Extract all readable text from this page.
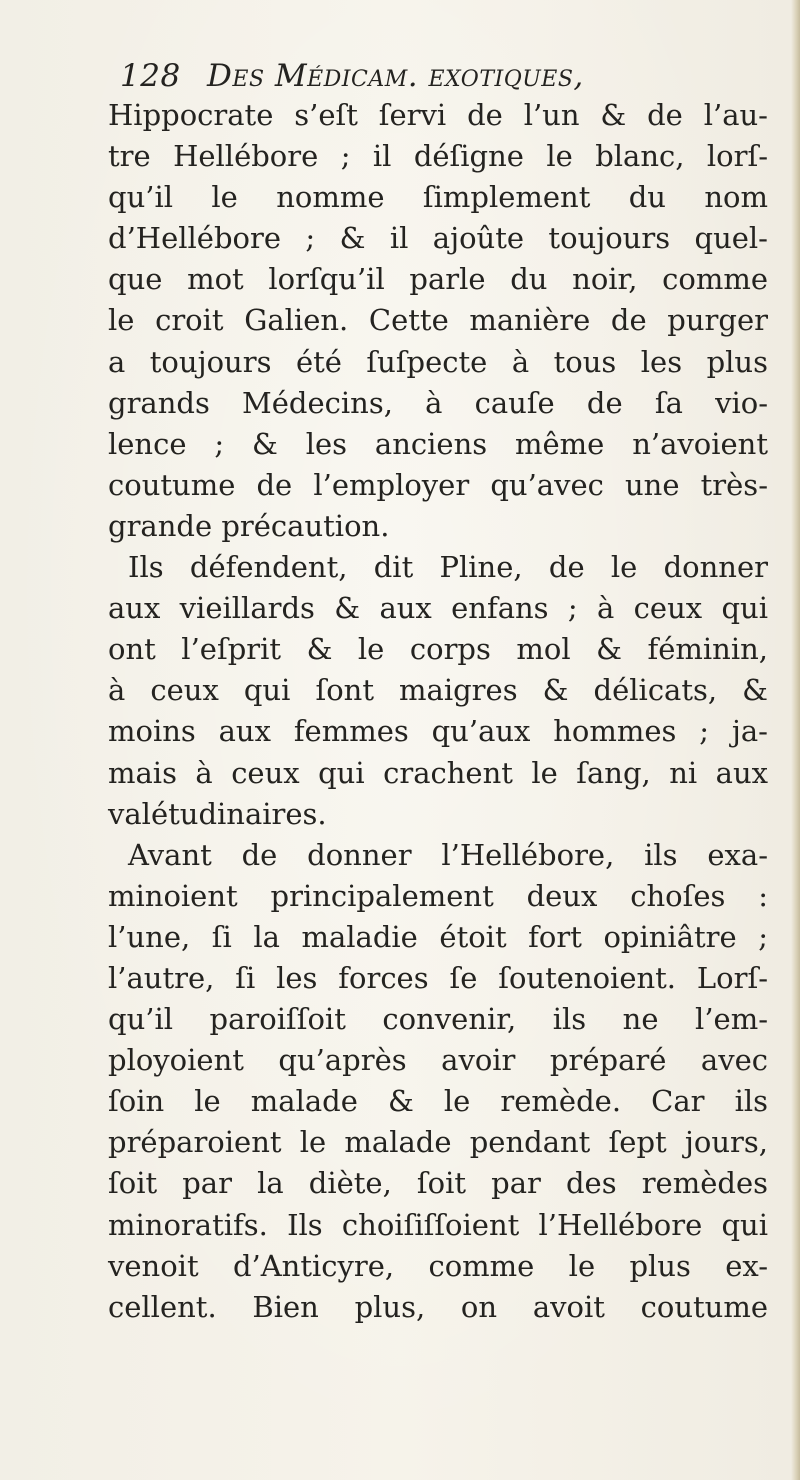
128 Des Médicam. exotiques,
Hippocrate s’eſt ſervi de l’un & de l’au-
tre Hellébore ; il déſigne le blanc, lorſ-
qu’il le nomme ſimplement du nom
d’Hellébore ; & il ajoûte toujours quel-
que mot lorſqu’il parle du noir, comme
le croit Galien. Cette manière de purger
a toujours été ſuſpecte à tous les plus
grands Médecins, à cauſe de ſa vio-
lence ; & les anciens même n’avoient
coutume de l’employer qu’avec une très-
grande précaution.
Ils défendent, dit Pline, de le donner
aux vieillards & aux enfans ; à ceux qui
ont l’eſprit & le corps mol & féminin,
à ceux qui ſont maigres & délicats, &
moins aux femmes qu’aux hommes ; ja-
mais à ceux qui crachent le ſang, ni aux
valétudinaires.
Avant de donner l’Hellébore, ils exa-
minoient principalement deux choſes :
l’une, ſi la maladie étoit fort opiniâtre ;
l’autre, ſi les forces ſe ſoutenoient. Lorſ-
qu’il paroiſſoit convenir, ils ne l’em-
ployoient qu’après avoir préparé avec
ſoin le malade & le remède. Car ils
préparoient le malade pendant ſept jours,
ſoit par la diète, ſoit par des remèdes
minoratifs. Ils choiſiſſoient l’Hellébore qui
venoit d’Anticyre, comme le plus ex-
cellent. Bien plus, on avoit coutume
